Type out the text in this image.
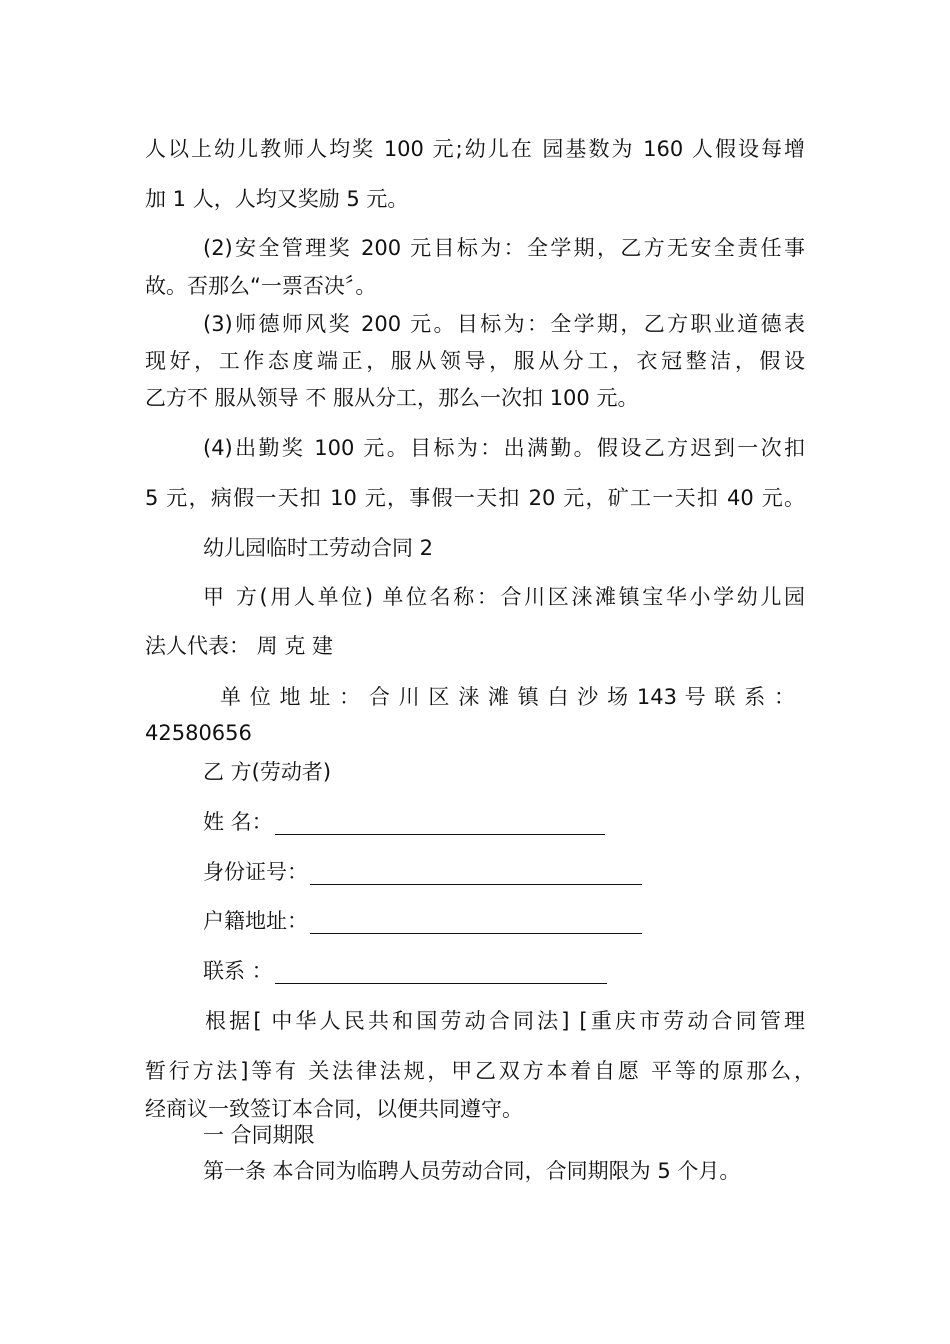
人以上幼儿教师人均奖 100 元;幼儿在 园基数为 160 人假设每增
加 1 人，人均又奖励 5 元。
(2)安全管理奖 200 元目标为：全学期，乙方无安全责任事
故。否那么“一票否决〞。
(3)师德师风奖 200 元。目标为：全学期，乙方职业道德表
现好，工作态度端正，服从领导，服从分工，衣冠整洁，假设
乙方不 服从领导 不 服从分工，那么一次扣 100 元。
(4)出勤奖 100 元。目标为：出满勤。假设乙方迟到一次扣
5 元，病假一天扣 10 元，事假一天扣 20 元，矿工一天扣 40 元。
幼儿园临时工劳动合同 2
甲 方(用人单位) 单位名称：合川区涞滩镇宝华小学幼儿园
法人代表： 周 克 建
单 位 地 址 ： 合 川 区 涞 滩 镇 白 沙 场 143 号 联 系 ：
42580656
乙 方(劳动者)
姓 名：
身份证号：
户籍地址：
联系 ：
根据[ 中华人民共和国劳动合同法] [重庆市劳动合同管理
暂行方法]等有 关法律法规，甲乙双方本着自愿 平等的原那么，
经商议一致签订本合同，以便共同遵守。
一 合同期限
第一条 本合同为临聘人员劳动合同，合同期限为 5 个月。
